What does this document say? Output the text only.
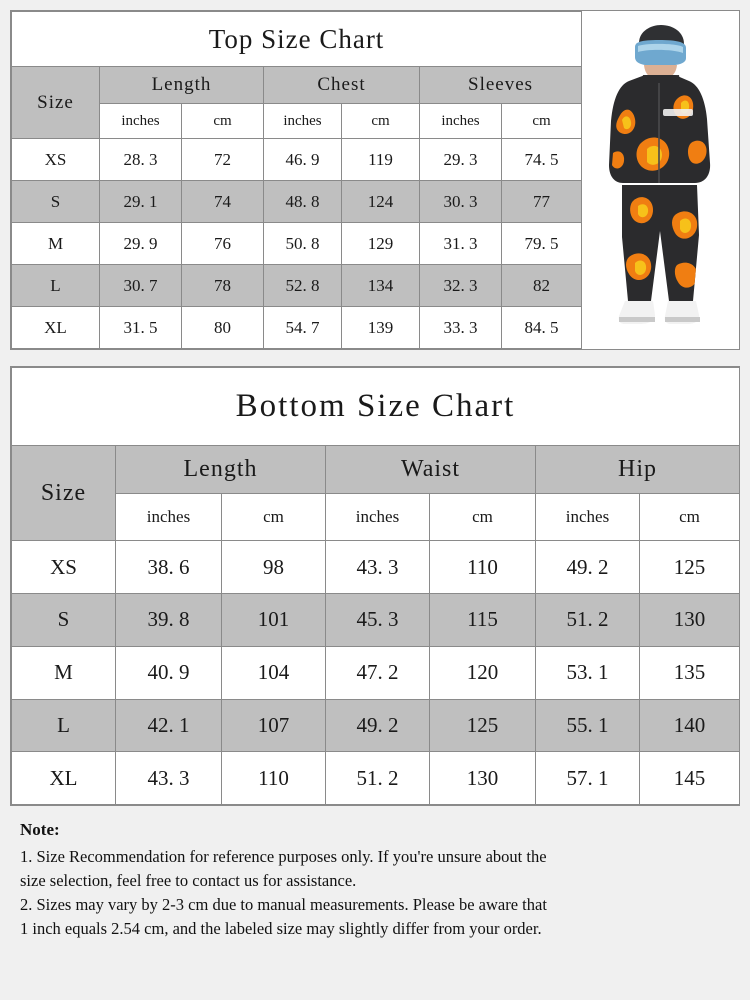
Top Size Chart						
Size	Length		Chest		Sleeves	
	inches	cm	inches	cm	inches	cm
XS	28. 3	72	46. 9	119	29. 3	74. 5
S	29. 1	74	48. 8	124	30. 3	77
M	29. 9	76	50. 8	129	31. 3	79. 5
L	30. 7	78	52. 8	134	32. 3	82
XL	31. 5	80	54. 7	139	33. 3	84. 5
Bottom Size Chart						
Size	Length		Waist		Hip	
	inches	cm	inches	cm	inches	cm
XS	38. 6	98	43. 3	110	49. 2	125
S	39. 8	101	45. 3	115	51. 2	130
M	40. 9	104	47. 2	120	53. 1	135
L	42. 1	107	49. 2	125	55. 1	140
XL	43. 3	110	51. 2	130	57. 1	145
Note:
1. Size Recommendation for reference purposes only. If you're unsure about the
size selection, feel free to contact us for assistance.
2. Sizes may vary by 2-3 cm due to manual measurements. Please be aware that
1 inch equals 2.54 cm, and the labeled size may slightly differ from your order.
